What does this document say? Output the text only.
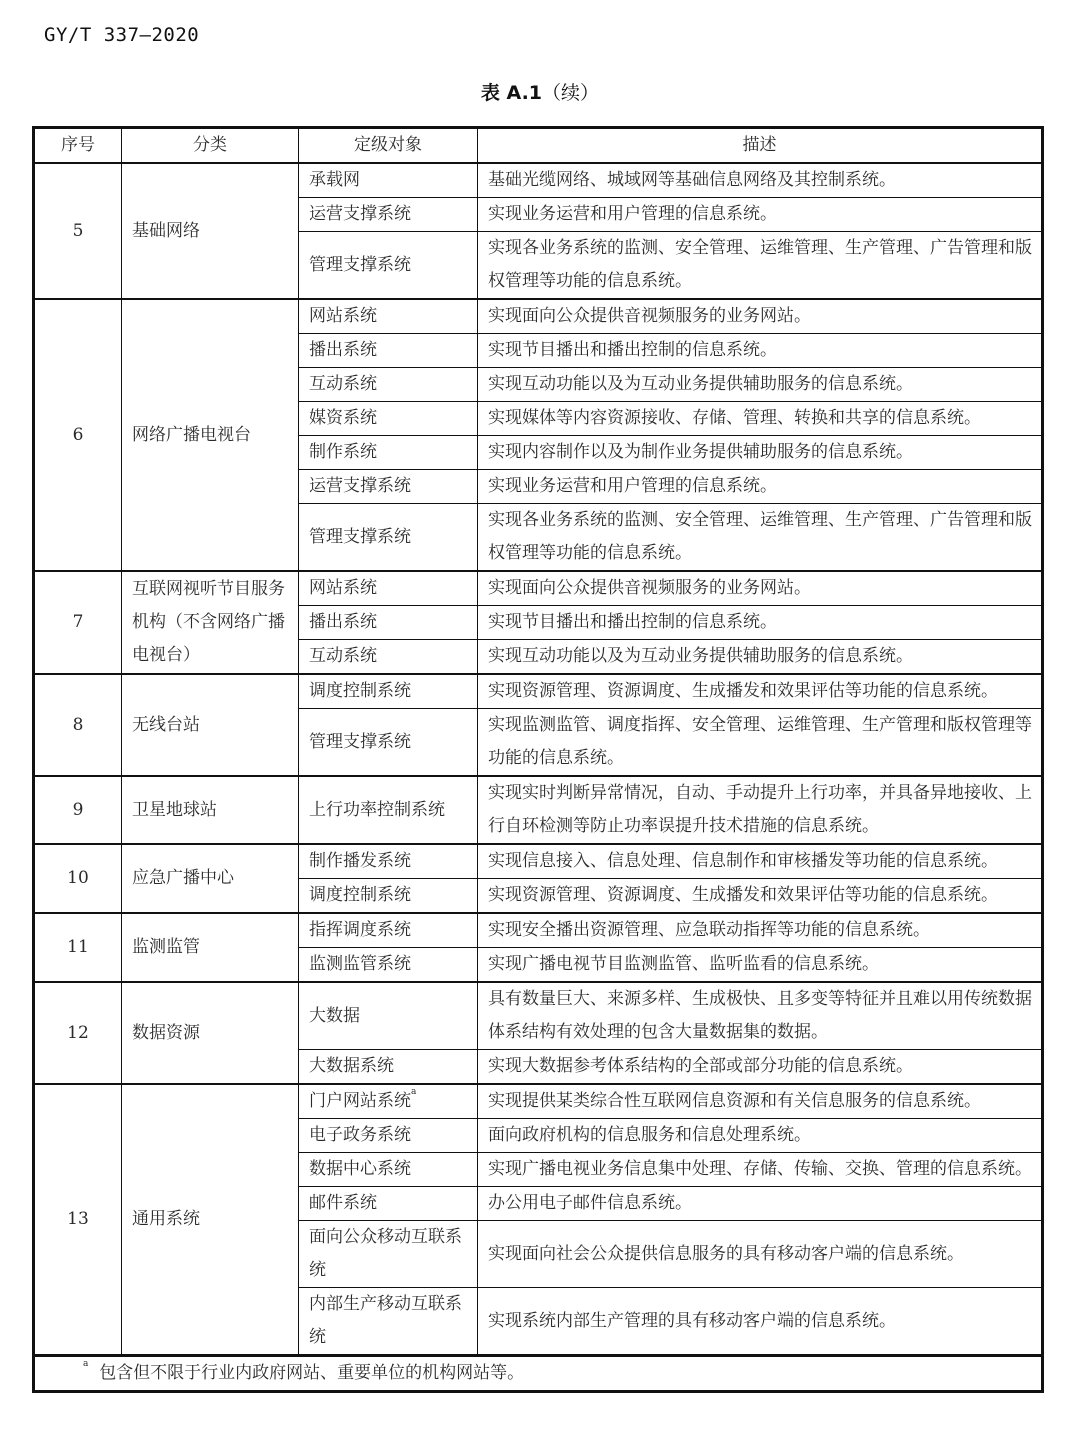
GY/T 337—2020
表 A.1（续）
序号	分类	定级对象	描述
5	基础网络	承载网	基础光缆网络、城域网等基础信息网络及其控制系统。
		运营支撑系统	实现业务运营和用户管理的信息系统。
		管理支撑系统	实现各业务系统的监测、安全管理、运维管理、生产管理、广告管理和版权管理等功能的信息系统。
6	网络广播电视台	网站系统	实现面向公众提供音视频服务的业务网站。
		播出系统	实现节目播出和播出控制的信息系统。
		互动系统	实现互动功能以及为互动业务提供辅助服务的信息系统。
		媒资系统	实现媒体等内容资源接收、存储、管理、转换和共享的信息系统。
		制作系统	实现内容制作以及为制作业务提供辅助服务的信息系统。
		运营支撑系统	实现业务运营和用户管理的信息系统。
		管理支撑系统	实现各业务系统的监测、安全管理、运维管理、生产管理、广告管理和版权管理等功能的信息系统。
7	互联网视听节目服务机构（不含网络广播电视台）	网站系统	实现面向公众提供音视频服务的业务网站。
		播出系统	实现节目播出和播出控制的信息系统。
		互动系统	实现互动功能以及为互动业务提供辅助服务的信息系统。
8	无线台站	调度控制系统	实现资源管理、资源调度、生成播发和效果评估等功能的信息系统。
		管理支撑系统	实现监测监管、调度指挥、安全管理、运维管理、生产管理和版权管理等功能的信息系统。
9	卫星地球站	上行功率控制系统	实现实时判断异常情况，自动、手动提升上行功率，并具备异地接收、上行自环检测等防止功率误提升技术措施的信息系统。
10	应急广播中心	制作播发系统	实现信息接入、信息处理、信息制作和审核播发等功能的信息系统。
		调度控制系统	实现资源管理、资源调度、生成播发和效果评估等功能的信息系统。
11	监测监管	指挥调度系统	实现安全播出资源管理、应急联动指挥等功能的信息系统。
		监测监管系统	实现广播电视节目监测监管、监听监看的信息系统。
12	数据资源	大数据	具有数量巨大、来源多样、生成极快、且多变等特征并且难以用传统数据体系结构有效处理的包含大量数据集的数据。
		大数据系统	实现大数据参考体系结构的全部或部分功能的信息系统。
13	通用系统	门户网站系统$^a$	实现提供某类综合性互联网信息资源和有关信息服务的信息系统。
		电子政务系统	面向政府机构的信息服务和信息处理系统。
		数据中心系统	实现广播电视业务信息集中处理、存储、传输、交换、管理的信息系统。
		邮件系统	办公用电子邮件信息系统。
		面向公众移动互联系统	实现面向社会公众提供信息服务的具有移动客户端的信息系统。
		内部生产移动互联系统	实现系统内部生产管理的具有移动客户端的信息系统。
$^a$ 包含但不限于行业内政府网站、重要单位的机构网站等。			
